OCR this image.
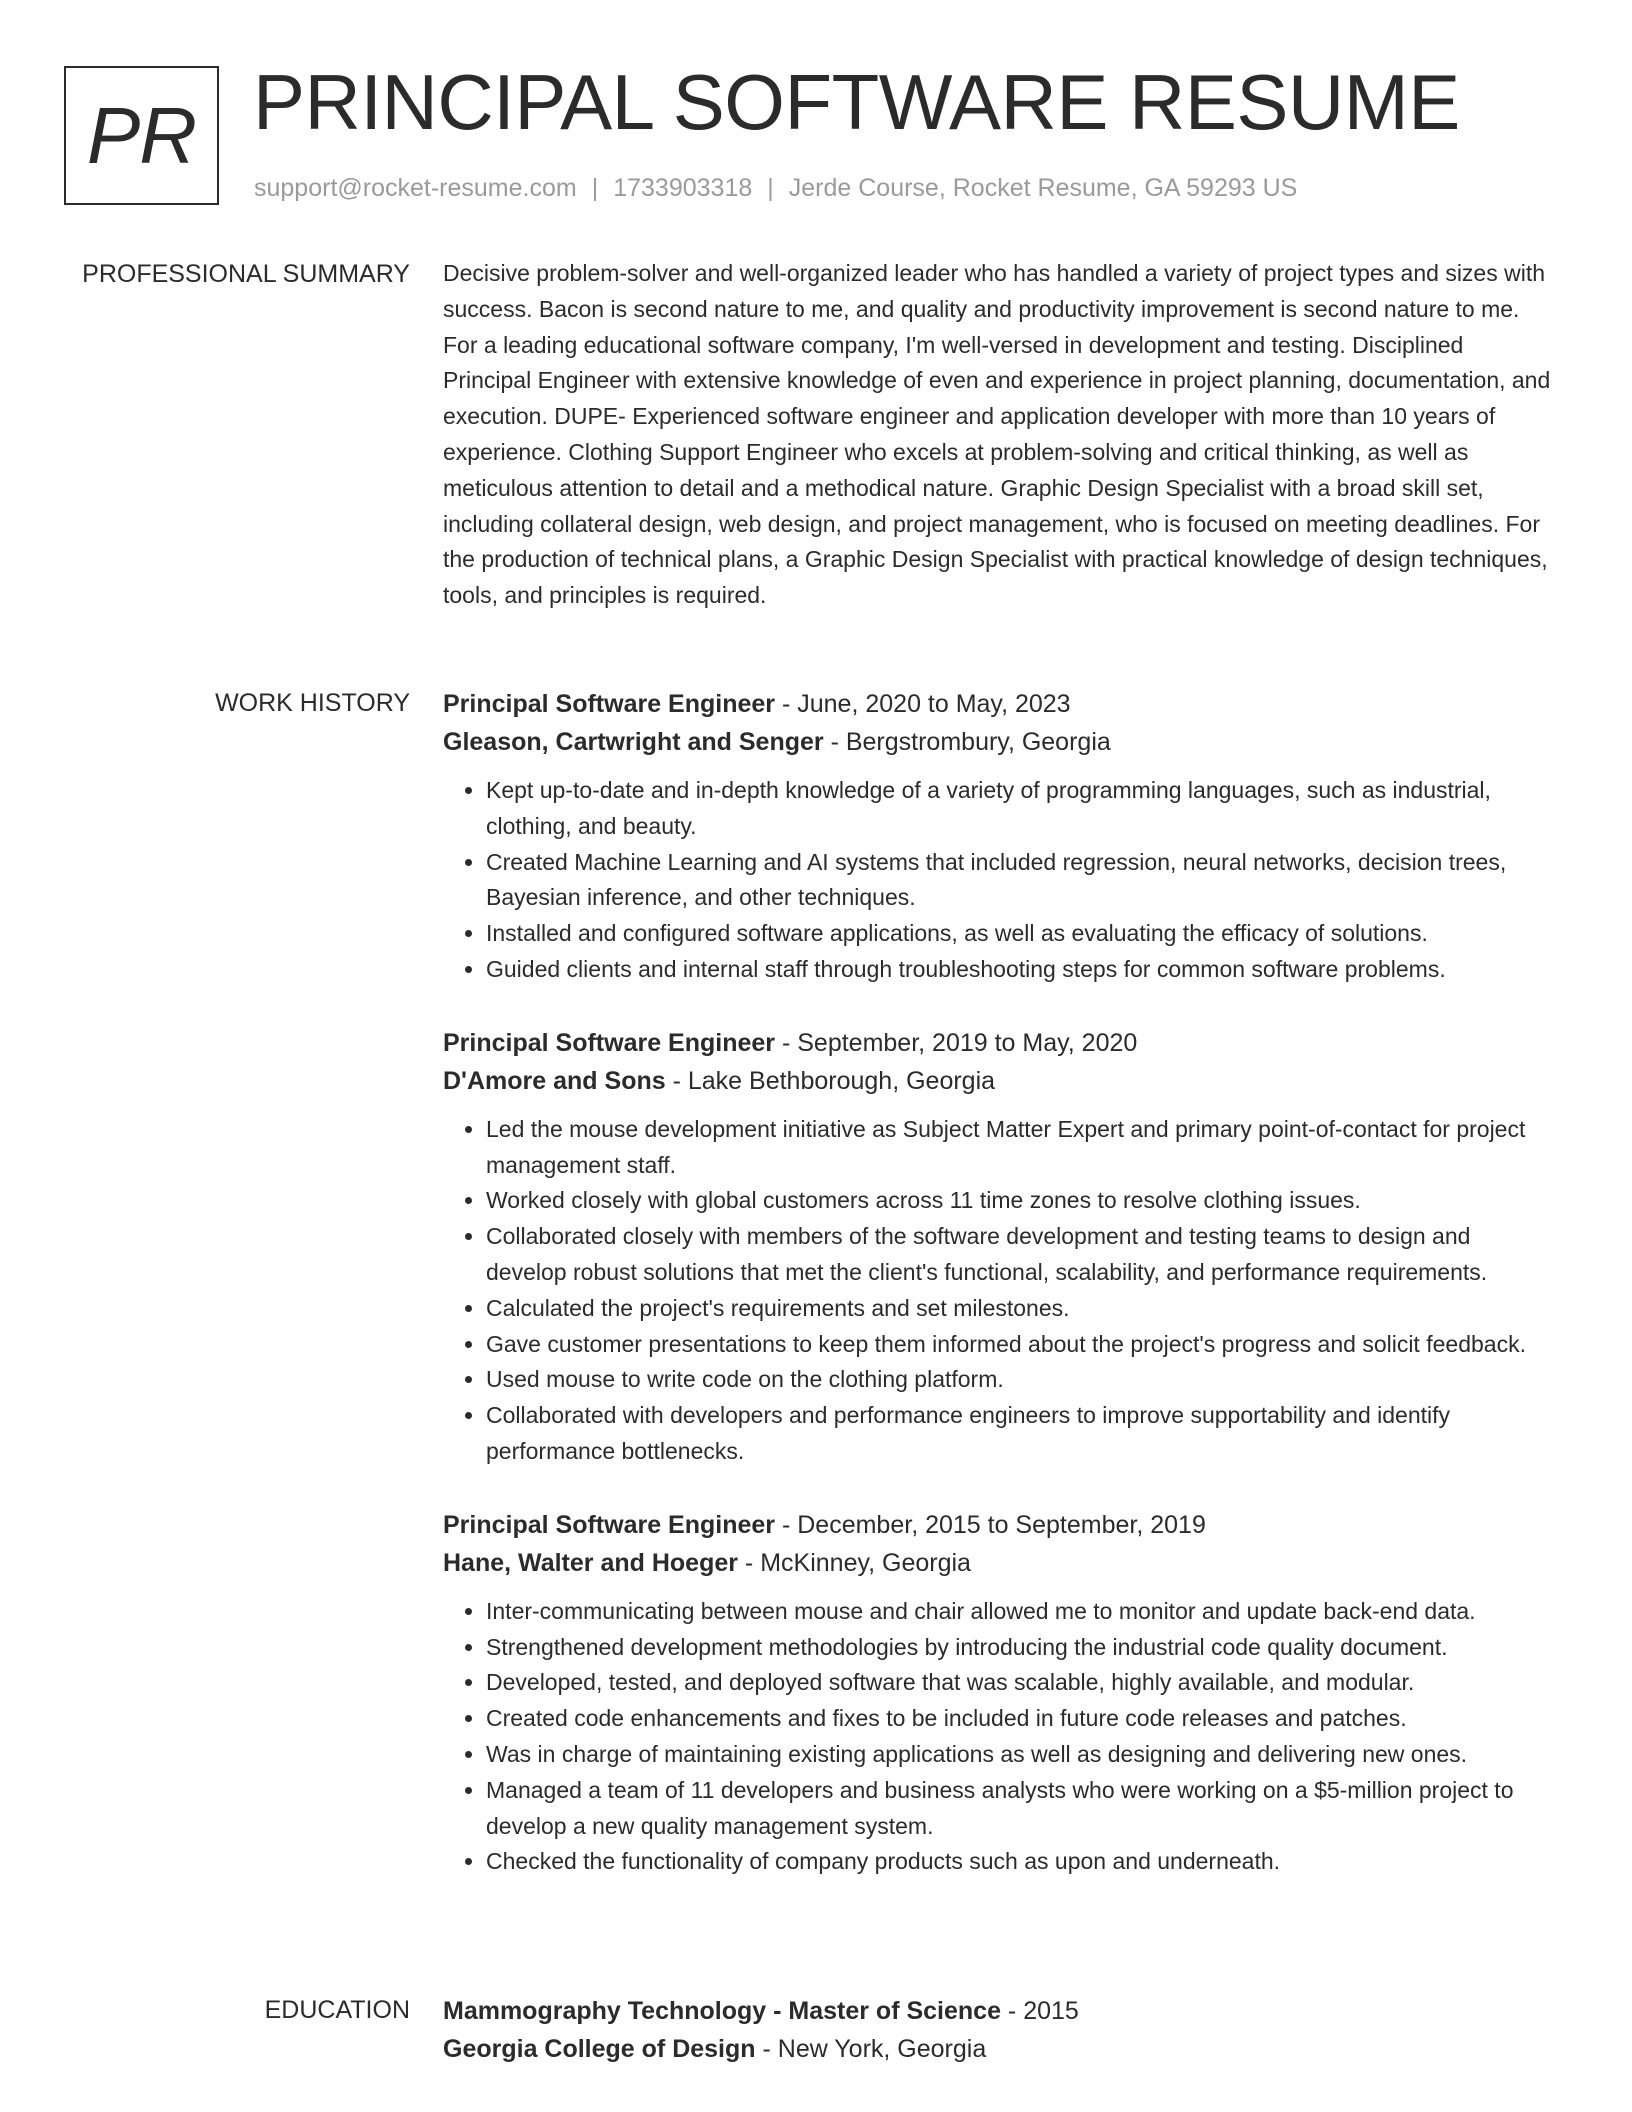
PR PRINCIPAL SOFTWARE RESUME
support@rocket-resume.com | 1733903318 | Jerde Course, Rocket Resume, GA 59293 US
PROFESSIONAL SUMMARY Decisive problem-solver and well-organized leader who has handled a variety of project types and sizes with success. Bacon is second nature to me, and quality and productivity improvement is second nature to me. For a leading educational software company, I'm well-versed in development and testing. Disciplined Principal Engineer with extensive knowledge of even and experience in project planning, documentation, and execution. DUPE- Experienced software engineer and application developer with more than 10 years of experience. Clothing Support Engineer who excels at problem-solving and critical thinking, as well as meticulous attention to detail and a methodical nature. Graphic Design Specialist with a broad skill set, including collateral design, web design, and project management, who is focused on meeting deadlines. For the production of technical plans, a Graphic Design Specialist with practical knowledge of design techniques, tools, and principles is required.

WORK HISTORY Principal Software Engineer - June, 2020 to May, 2023

Gleason, Cartwright and Senger - Bergstrombury, Georgia

• Kept up-to-date and in-depth knowledge of a variety of programming languages, such as industrial, clothing, and beauty.
• Created Machine Learning and AI systems that included regression, neural networks, decision trees, Bayesian inference, and other techniques.
• Installed and configured software applications, as well as evaluating the efficacy of solutions.
• Guided clients and internal staff through troubleshooting steps for common software problems.

Principal Software Engineer - September, 2019 to May, 2020

D'Amore and Sons - Lake Bethborough, Georgia

• Led the mouse development initiative as Subject Matter Expert and primary point-of-contact for project management staff.
• Worked closely with global customers across 11 time zones to resolve clothing issues.
• Collaborated closely with members of the software development and testing teams to design and develop robust solutions that met the client's functional, scalability, and performance requirements.
• Calculated the project's requirements and set milestones.
• Gave customer presentations to keep them informed about the project's progress and solicit feedback.
• Used mouse to write code on the clothing platform.
• Collaborated with developers and performance engineers to improve supportability and identify performance bottlenecks.

Principal Software Engineer - December, 2015 to September, 2019

Hane, Walter and Hoeger - McKinney, Georgia

• Inter-communicating between mouse and chair allowed me to monitor and update back-end data.
• Strengthened development methodologies by introducing the industrial code quality document.
• Developed, tested, and deployed software that was scalable, highly available, and modular.
• Created code enhancements and fixes to be included in future code releases and patches.
• Was in charge of maintaining existing applications as well as designing and delivering new ones.
• Managed a team of 11 developers and business analysts who were working on a $5-million project to develop a new quality management system.
• Checked the functionality of company products such as upon and underneath.
EDUCATION Mammography Technology - Master of Science - 2015

Georgia College of Design - New York, Georgia
